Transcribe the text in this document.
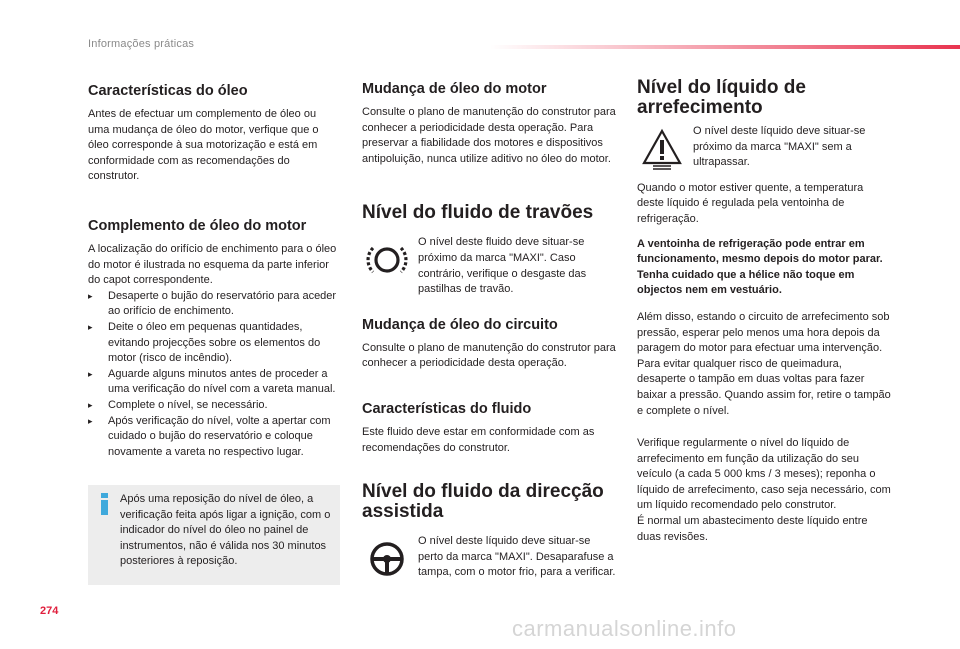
Informações práticas
Características do óleo

Antes de efectuar um complemento de óleo ou uma mudança de óleo do motor, verfique que o óleo corresponde à sua motorização e está em conformidade com as recomendações do construtor.

Complemento de óleo do motor

A localização do orifício de enchimento para o óleo do motor é ilustrada no esquema da parte inferior do capot correspondente.

▸ Desaperte o bujão do reservatório para aceder ao orifício de enchimento.
▸ Deite o óleo em pequenas quantidades, evitando projecções sobre os elementos do motor (risco de incêndio).
▸ Aguarde alguns minutos antes de proceder a uma verificação do nível com a vareta manual.
▸ Complete o nível, se necessário.
▸ Após verificação do nível, volte a apertar com cuidado o bujão do reservatório e coloque novamente a vareta no respectivo lugar.
Após uma reposição do nível de óleo, a verificação feita após ligar a ignição, com o indicador do nível do óleo no painel de instrumentos, não é válida nos 30 minutos posteriores à reposição.
Mudança de óleo do motor

Consulte o plano de manutenção do construtor para conhecer a periodicidade desta operação. Para preservar a fiabilidade dos motores e dispositivos antipoluição, nunca utilize aditivo no óleo do motor.

Nível do fluido de travões

O nível deste fluido deve situar-se próximo da marca "MAXI". Caso contrário, verifique o desgaste das pastilhas de travão.

Mudança de óleo do circuito

Consulte o plano de manutenção do construtor para conhecer a periodicidade desta operação.

Características do fluido

Este fluido deve estar em conformidade com as recomendações do construtor.

Nível do fluido da direcção assistida

O nível deste líquido deve situar-se perto da marca "MAXI". Desaparafuse a tampa, com o motor frio, para a verificar.

Nível do líquido de arrefecimento

O nível deste líquido deve situar-se próximo da marca "MAXI" sem a ultrapassar.

Quando o motor estiver quente, a temperatura deste líquido é regulada pela ventoinha de refrigeração.

A ventoinha de refrigeração pode entrar em funcionamento, mesmo depois do motor parar. Tenha cuidado que a hélice não toque em objectos nem em vestuário.

Além disso, estando o circuito de arrefecimento sob pressão, esperar pelo menos uma hora depois da paragem do motor para efectuar uma intervenção.

Para evitar qualquer risco de queimadura, desaperte o tampão em duas voltas para fazer baixar a pressão. Quando assim for, retire o tampão e complete o nível.

Verifique regularmente o nível do líquido de arrefecimento em função da utilização do seu veículo (a cada 5 000 kms / 3 meses); reponha o líquido de arrefecimento, caso seja necessário, com um líquido recomendado pelo construtor.

É normal um abastecimento deste líquido entre duas revisões.

274
carmanualsonline.info
